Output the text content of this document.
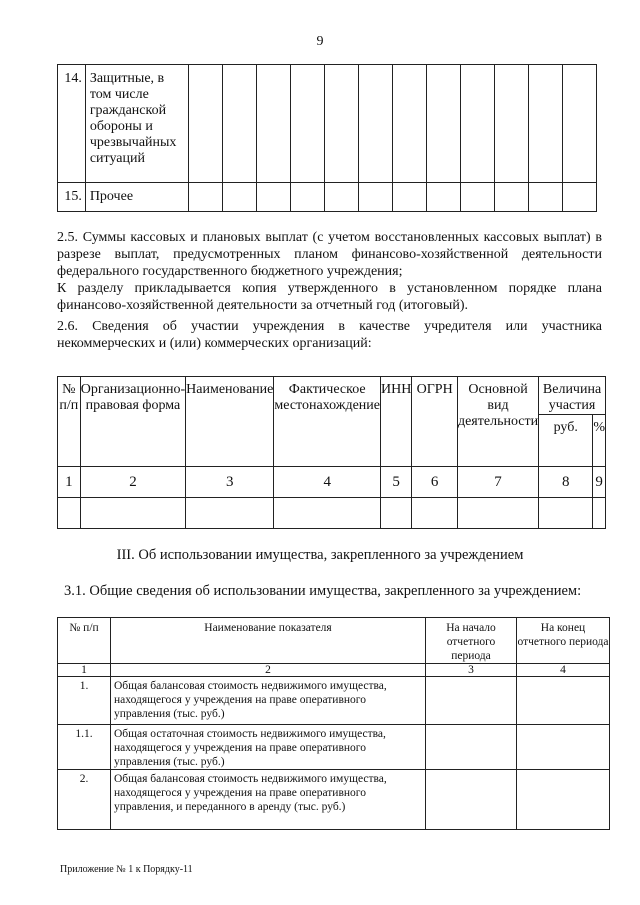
9
14.	Защитные, в том числе гражданской обороны и чрезвычайных ситуаций												
15.	Прочее												
2.5. Суммы кассовых и плановых выплат (с учетом восстановленных кассовых выплат) в разрезе выплат, предусмотренных планом финансово-хозяйственной деятельности федерального государственного бюджетного учреждения;
К разделу прикладывается копия утвержденного в установленном порядке плана финансово-хозяйственной деятельности за отчетный год (итоговый).
2.6. Сведения об участии учреждения в качестве учредителя или участника некоммерческих и (или) коммерческих организаций:
№ п/п	Организационно-правовая форма	Наименование	Фактическое местонахождение	ИНН	ОГРН	Основной вид деятельности	Величина участия	
							руб.	%
1	2	3	4	5	6	7	8	9

III. Об использовании имущества, закрепленного за учреждением
3.1. Общие сведения об использовании имущества, закрепленного за учреждением:
№ п/п	Наименование показателя	На начало отчетного периода	На конец отчетного периода
1	2	3	4
1.	Общая балансовая стоимость недвижимого имущества, находящегося у учреждения на праве оперативного управления (тыс. руб.)		
1.1.	Общая остаточная стоимость недвижимого имущества, находящегося у учреждения на праве оперативного управления (тыс. руб.)		
2.	Общая балансовая стоимость недвижимого имущества, находящегося у учреждения на праве оперативного управления, и переданного в аренду (тыс. руб.)		
Приложение № 1 к Порядку-11
